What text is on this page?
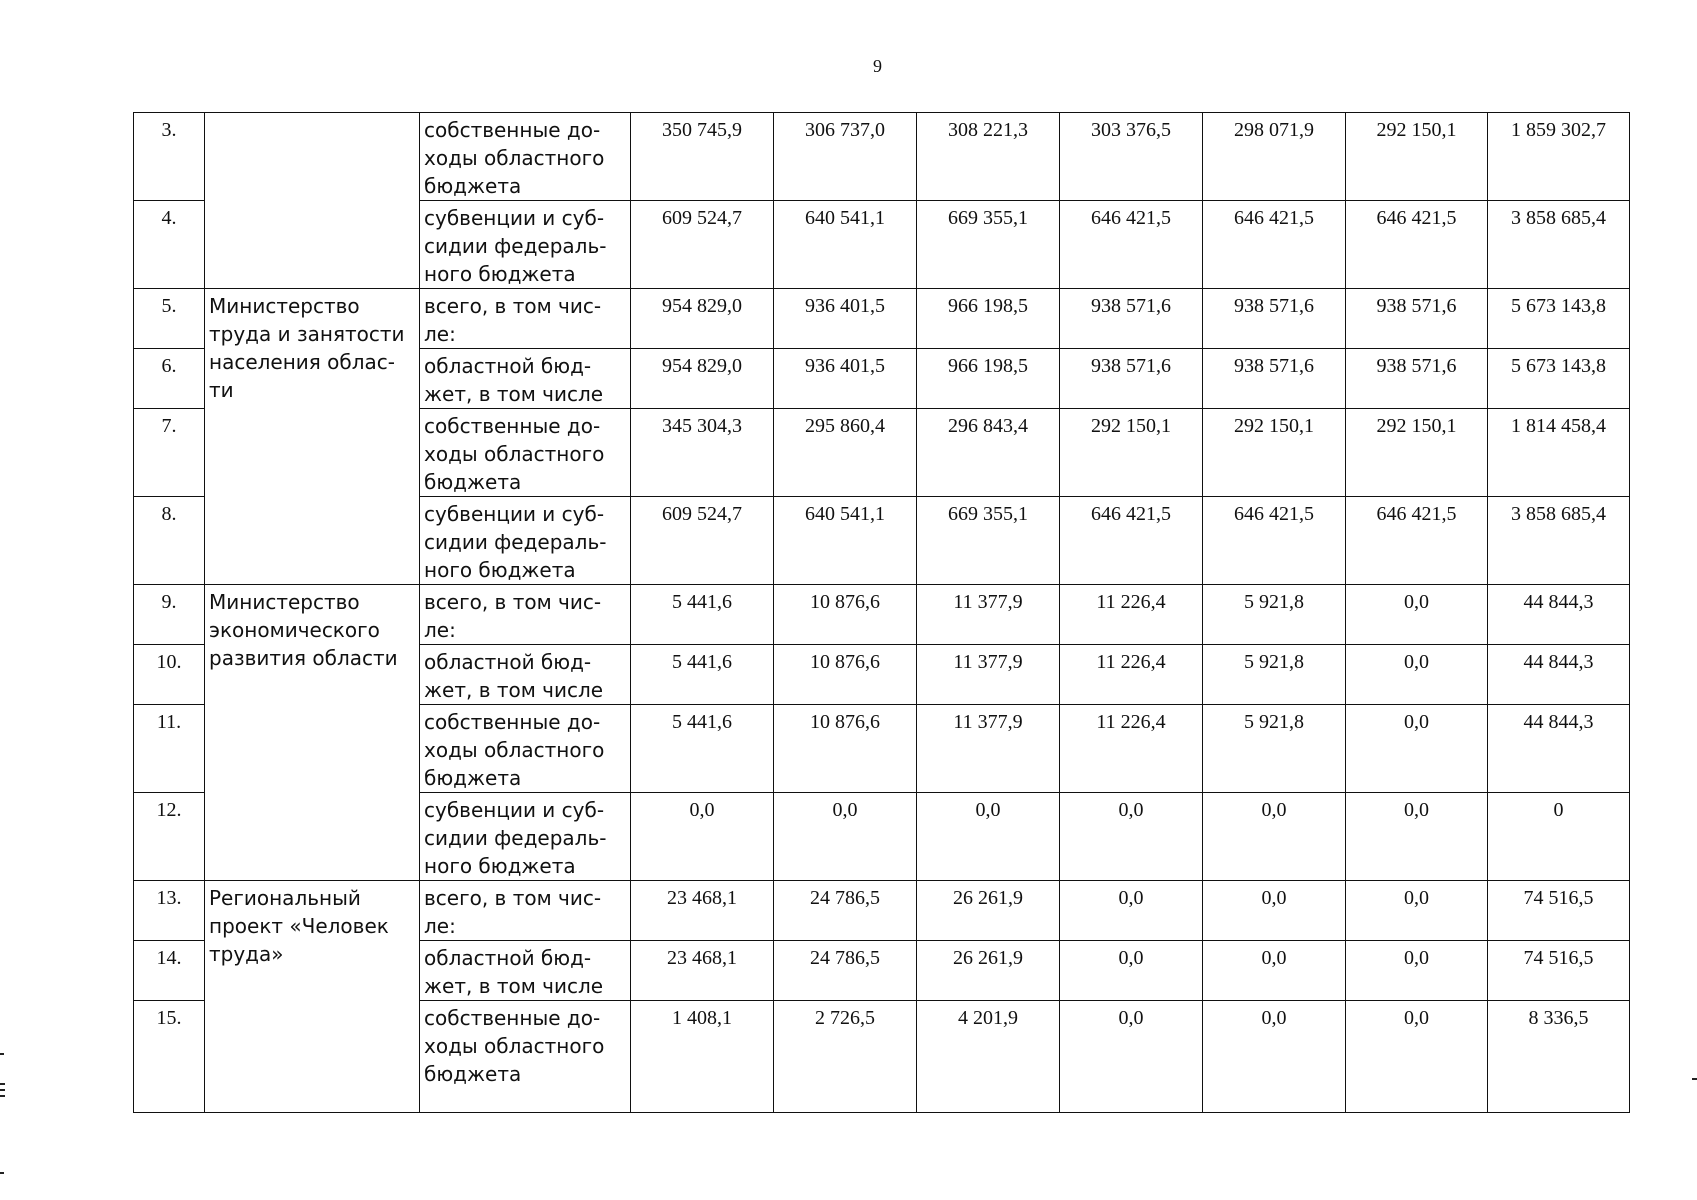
9
3.		собственные до-ходы областного бюджета	350 745,9	306 737,0	308 221,3	303 376,5	298 071,9	292 150,1	1 859 302,7
4.		субвенции и суб-сидии федераль-ного бюджета	609 524,7	640 541,1	669 355,1	646 421,5	646 421,5	646 421,5	3 858 685,4
5.	Министерство труда и занятости населения облас-ти	всего, в том чис-ле:	954 829,0	936 401,5	966 198,5	938 571,6	938 571,6	938 571,6	5 673 143,8
6.		областной бюд-жет, в том числе	954 829,0	936 401,5	966 198,5	938 571,6	938 571,6	938 571,6	5 673 143,8
7.		собственные до-ходы областного бюджета	345 304,3	295 860,4	296 843,4	292 150,1	292 150,1	292 150,1	1 814 458,4
8.		субвенции и суб-сидии федераль-ного бюджета	609 524,7	640 541,1	669 355,1	646 421,5	646 421,5	646 421,5	3 858 685,4
9.	Министерство экономического развития области	всего, в том чис-ле:	5 441,6	10 876,6	11 377,9	11 226,4	5 921,8	0,0	44 844,3
10.		областной бюд-жет, в том числе	5 441,6	10 876,6	11 377,9	11 226,4	5 921,8	0,0	44 844,3
11.		собственные до-ходы областного бюджета	5 441,6	10 876,6	11 377,9	11 226,4	5 921,8	0,0	44 844,3
12.		субвенции и суб-сидии федераль-ного бюджета	0,0	0,0	0,0	0,0	0,0	0,0	0
13.	Региональный проект «Человек труда»	всего, в том чис-ле:	23 468,1	24 786,5	26 261,9	0,0	0,0	0,0	74 516,5
14.		областной бюд-жет, в том числе	23 468,1	24 786,5	26 261,9	0,0	0,0	0,0	74 516,5
15.		собственные до-ходы областного бюджета	1 408,1	2 726,5	4 201,9	0,0	0,0	0,0	8 336,5
